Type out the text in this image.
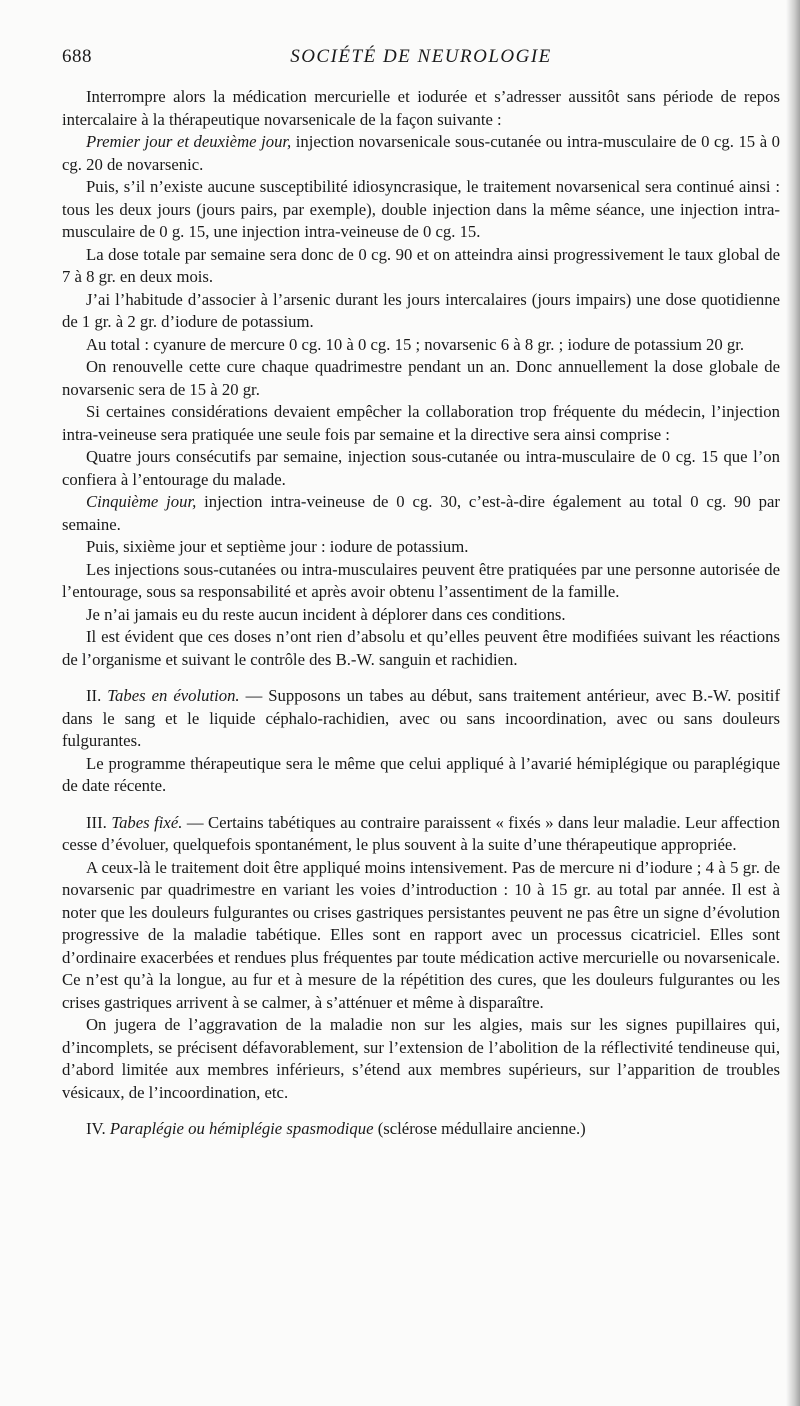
688	SOCIÉTÉ DE NEUROLOGIE

Interrompre alors la médication mercurielle et iodurée et s’adresser aussitôt sans période de repos intercalaire à la thérapeutique novarsenicale de la façon suivante :

Premier jour et deuxième jour, injection novarsenicale sous-cutanée ou intra-musculaire de 0 cg. 15 à 0 cg. 20 de novarsenic.

Puis, s’il n’existe aucune susceptibilité idiosyncrasique, le traitement novarsenical sera continué ainsi : tous les deux jours (jours pairs, par exemple), double injection dans la même séance, une injection intra-musculaire de 0 g. 15, une injection intra-veineuse de 0 cg. 15.

La dose totale par semaine sera donc de 0 cg. 90 et on atteindra ainsi progressivement le taux global de 7 à 8 gr. en deux mois.

J’ai l’habitude d’associer à l’arsenic durant les jours intercalaires (jours impairs) une dose quotidienne de 1 gr. à 2 gr. d’iodure de potassium.

Au total : cyanure de mercure 0 cg. 10 à 0 cg. 15 ; novarsenic 6 à 8 gr. ; iodure de potassium 20 gr.

On renouvelle cette cure chaque quadrimestre pendant un an. Donc annuellement la dose globale de novarsenic sera de 15 à 20 gr.

Si certaines considérations devaient empêcher la collaboration trop fréquente du médecin, l’injection intra-veineuse sera pratiquée une seule fois par semaine et la directive sera ainsi comprise :

Quatre jours consécutifs par semaine, injection sous-cutanée ou intra-musculaire de 0 cg. 15 que l’on confiera à l’entourage du malade.

Cinquième jour, injection intra-veineuse de 0 cg. 30, c’est-à-dire également au total 0 cg. 90 par semaine.

Puis, sixième jour et septième jour : iodure de potassium.

Les injections sous-cutanées ou intra-musculaires peuvent être pratiquées par une personne autorisée de l’entourage, sous sa responsabilité et après avoir obtenu l’assentiment de la famille.

Je n’ai jamais eu du reste aucun incident à déplorer dans ces conditions.

Il est évident que ces doses n’ont rien d’absolu et qu’elles peuvent être modifiées suivant les réactions de l’organisme et suivant le contrôle des B.-W. sanguin et rachidien.

II. Tabes en évolution. — Supposons un tabes au début, sans traitement antérieur, avec B.-W. positif dans le sang et le liquide céphalo-rachidien, avec ou sans incoordination, avec ou sans douleurs fulgurantes.

Le programme thérapeutique sera le même que celui appliqué à l’avarié hémiplégique ou paraplégique de date récente.

III. Tabes fixé. — Certains tabétiques au contraire paraissent « fixés » dans leur maladie. Leur affection cesse d’évoluer, quelquefois spontanément, le plus souvent à la suite d’une thérapeutique appropriée.

A ceux-là le traitement doit être appliqué moins intensivement. Pas de mercure ni d’iodure ; 4 à 5 gr. de novarsenic par quadrimestre en variant les voies d’introduction : 10 à 15 gr. au total par année. Il est à noter que les douleurs fulgurantes ou crises gastriques persistantes peuvent ne pas être un signe d’évolution progressive de la maladie tabétique. Elles sont en rapport avec un processus cicatriciel. Elles sont d’ordinaire exacerbées et rendues plus fréquentes par toute médication active mercurielle ou novarsenicale. Ce n’est qu’à la longue, au fur et à mesure de la répétition des cures, que les douleurs fulgurantes ou les crises gastriques arrivent à se calmer, à s’atténuer et même à disparaître.

On jugera de l’aggravation de la maladie non sur les algies, mais sur les signes pupillaires qui, d’incomplets, se précisent défavorablement, sur l’extension de l’abolition de la réflectivité tendineuse qui, d’abord limitée aux membres inférieurs, s’étend aux membres supérieurs, sur l’apparition de troubles vésicaux, de l’incoordination, etc.

IV. Paraplégie ou hémiplégie spasmodique (sclérose médullaire ancienne.)
